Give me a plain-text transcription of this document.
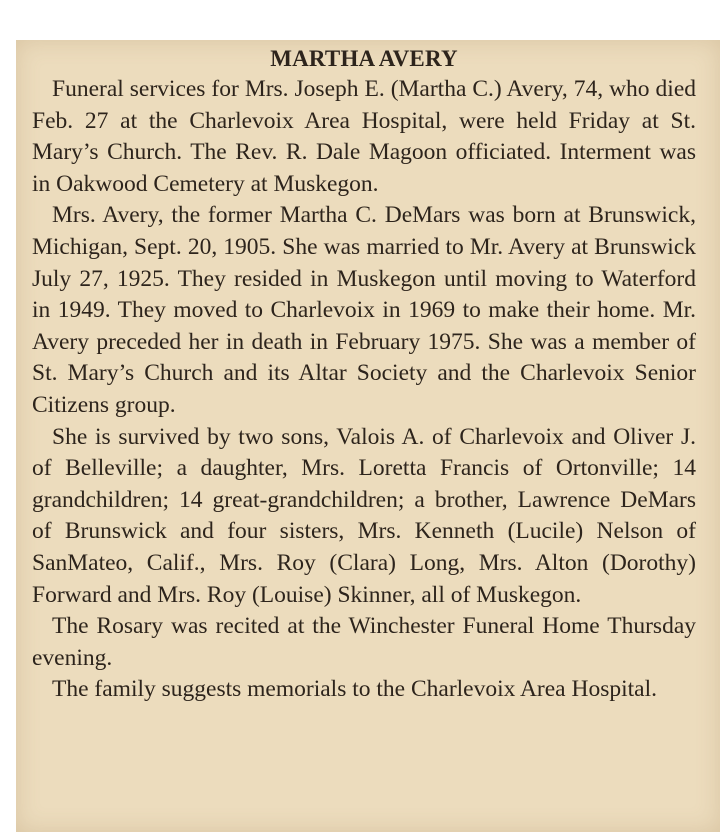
MARTHA AVERY

Funeral services for Mrs. Joseph E. (Martha C.) Avery, 74, who died Feb. 27 at the Charlevoix Area Hospital, were held Friday at St. Mary’s Church. The Rev. R. Dale Magoon officiated. Interment was in Oakwood Cemetery at Muskegon.

Mrs. Avery, the former Martha C. DeMars was born at Brunswick, Michigan, Sept. 20, 1905. She was married to Mr. Avery at Brunswick July 27, 1925. They resided in Muskegon until moving to Waterford in 1949. They moved to Charlevoix in 1969 to make their home. Mr. Avery preceded her in death in February 1975. She was a member of St. Mary’s Church and its Altar Society and the Charlevoix Senior Citizens group.

She is survived by two sons, Valois A. of Charlevoix and Oliver J. of Belleville; a daughter, Mrs. Loretta Francis of Ortonville; 14 grandchildren; 14 great-grandchildren; a brother, Lawrence DeMars of Brunswick and four sisters, Mrs. Kenneth (Lucile) Nelson of SanMateo, Calif., Mrs. Roy (Clara) Long, Mrs. Alton (Dorothy) Forward and Mrs. Roy (Louise) Skinner, all of Muskegon.

The Rosary was recited at the Winchester Funeral Home Thursday evening.

The family suggests memorials to the Charlevoix Area Hospital.
